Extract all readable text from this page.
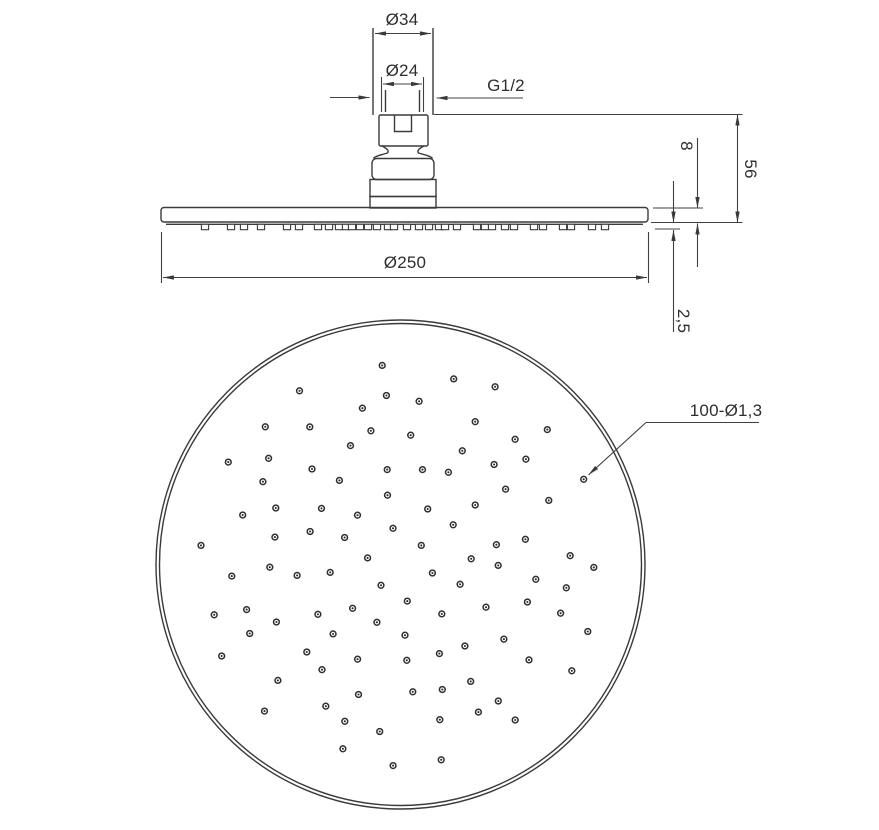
Ø34
Ø24
G1/2
8
56
2,5
Ø250
100-Ø1,3
